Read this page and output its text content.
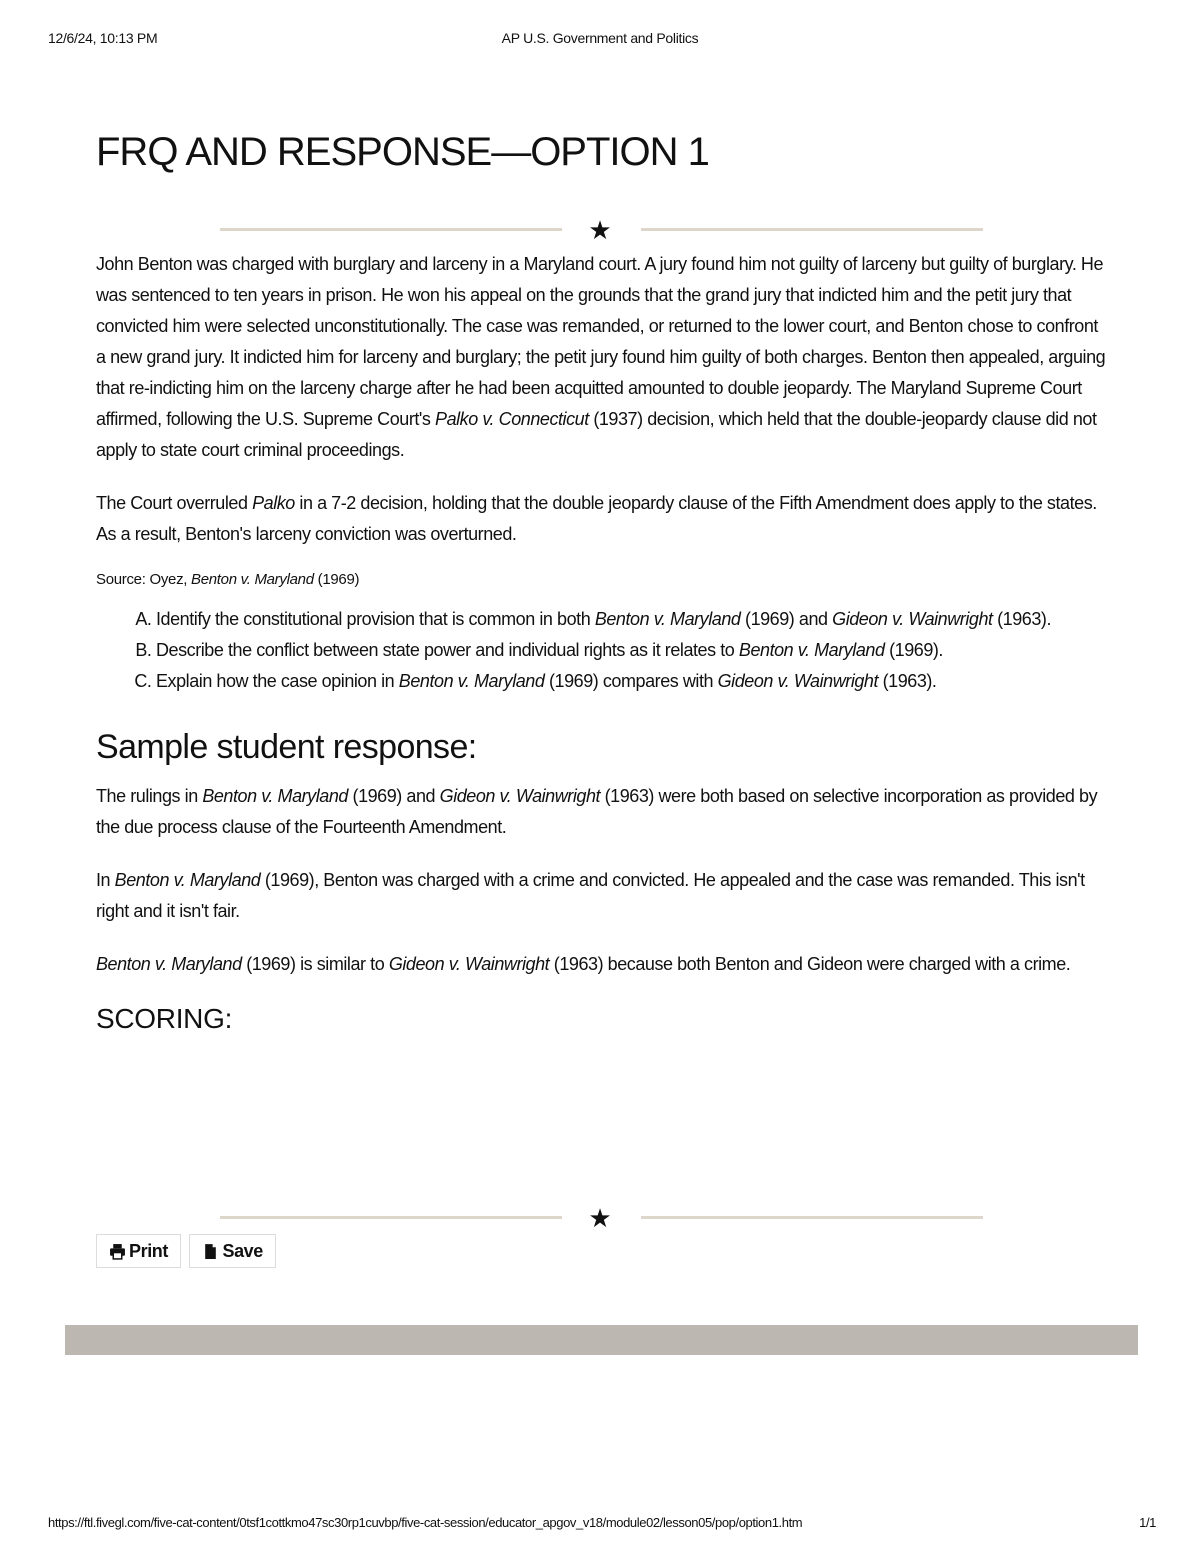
12/6/24, 10:13 PM	AP U.S. Government and Politics
FRQ AND RESPONSE—OPTION 1
★

John Benton was charged with burglary and larceny in a Maryland court. A jury found him not guilty of larceny but guilty of burglary. He was sentenced to ten years in prison. He won his appeal on the grounds that the grand jury that indicted him and the petit jury that convicted him were selected unconstitutionally. The case was remanded, or returned to the lower court, and Benton chose to confront a new grand jury. It indicted him for larceny and burglary; the petit jury found him guilty of both charges. Benton then appealed, arguing that re-indicting him on the larceny charge after he had been acquitted amounted to double jeopardy. The Maryland Supreme Court affirmed, following the U.S. Supreme Court's Palko v. Connecticut (1937) decision, which held that the double-jeopardy clause did not apply to state court criminal proceedings.

The Court overruled Palko in a 7-2 decision, holding that the double jeopardy clause of the Fifth Amendment does apply to the states. As a result, Benton's larceny conviction was overturned.

Source: Oyez, Benton v. Maryland (1969)
A. Identify the constitutional provision that is common in both Benton v. Maryland (1969) and Gideon v. Wainwright (1963).
B. Describe the conflict between state power and individual rights as it relates to Benton v. Maryland (1969).
C. Explain how the case opinion in Benton v. Maryland (1969) compares with Gideon v. Wainwright (1963).
Sample student response:

The rulings in Benton v. Maryland (1969) and Gideon v. Wainwright (1963) were both based on selective incorporation as provided by the due process clause of the Fourteenth Amendment.

In Benton v. Maryland (1969), Benton was charged with a crime and convicted. He appealed and the case was remanded. This isn't right and it isn't fair.

Benton v. Maryland (1969) is similar to Gideon v. Wainwright (1963) because both Benton and Gideon were charged with a crime.

SCORING:
★
Print	Save
https://ftl.fivegl.com/five-cat-content/0tsf1cottkmo47sc30rp1cuvbp/five-cat-session/educator_apgov_v18/module02/lesson05/pop/option1.htm	1/1
